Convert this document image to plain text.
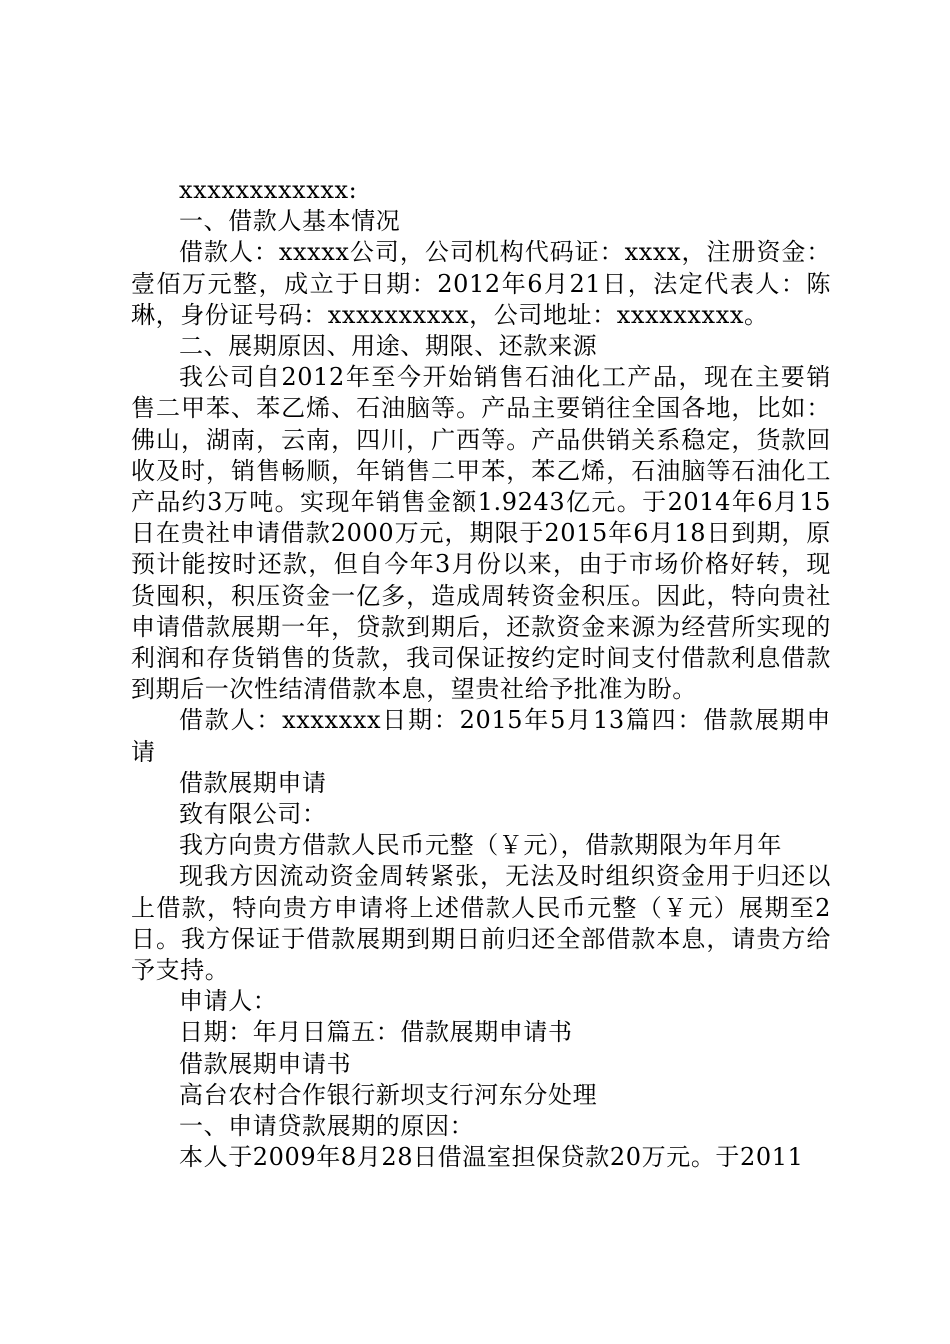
xxxxxxxxxxxx:

一、借款人基本情况

借款人：xxxxx公司，公司机构代码证：xxxx，注册资金：壹佰万元整，成立于日期：2012年6月21日，法定代表人：陈琳，身份证号码：xxxxxxxxxx，公司地址：xxxxxxxxx。

二、展期原因、用途、期限、还款来源

我公司自2012年至今开始销售石油化工产品，现在主要销售二甲苯、苯乙烯、石油脑等。产品主要销往全国各地，比如：佛山，湖南，云南，四川，广西等。产品供销关系稳定，货款回收及时，销售畅顺，年销售二甲苯，苯乙烯，石油脑等石油化工产品约3万吨。实现年销售金额1.9243亿元。于2014年6月15日在贵社申请借款2000万元，期限于2015年6月18日到期，原预计能按时还款，但自今年3月份以来，由于市场价格好转，现货囤积，积压资金一亿多，造成周转资金积压。因此，特向贵社申请借款展期一年，贷款到期后，还款资金来源为经营所实现的利润和存货销售的货款，我司保证按约定时间支付借款利息借款到期后一次性结清借款本息，望贵社给予批准为盼。

借款人：xxxxxxx日期：2015年5月13篇四：借款展期申请

借款展期申请

致有限公司：

我方向贵方借款人民币元整（￥元），借款期限为年月年

现我方因流动资金周转紧张，无法及时组织资金用于归还以上借款，特向贵方申请将上述借款人民币元整（￥元）展期至2日。我方保证于借款展期到期日前归还全部借款本息，请贵方给予支持。

申请人：

日期：年月日篇五：借款展期申请书

借款展期申请书

高台农村合作银行新坝支行河东分处理

一、申请贷款展期的原因：

本人于2009年8月28日借温室担保贷款20万元。于2011
